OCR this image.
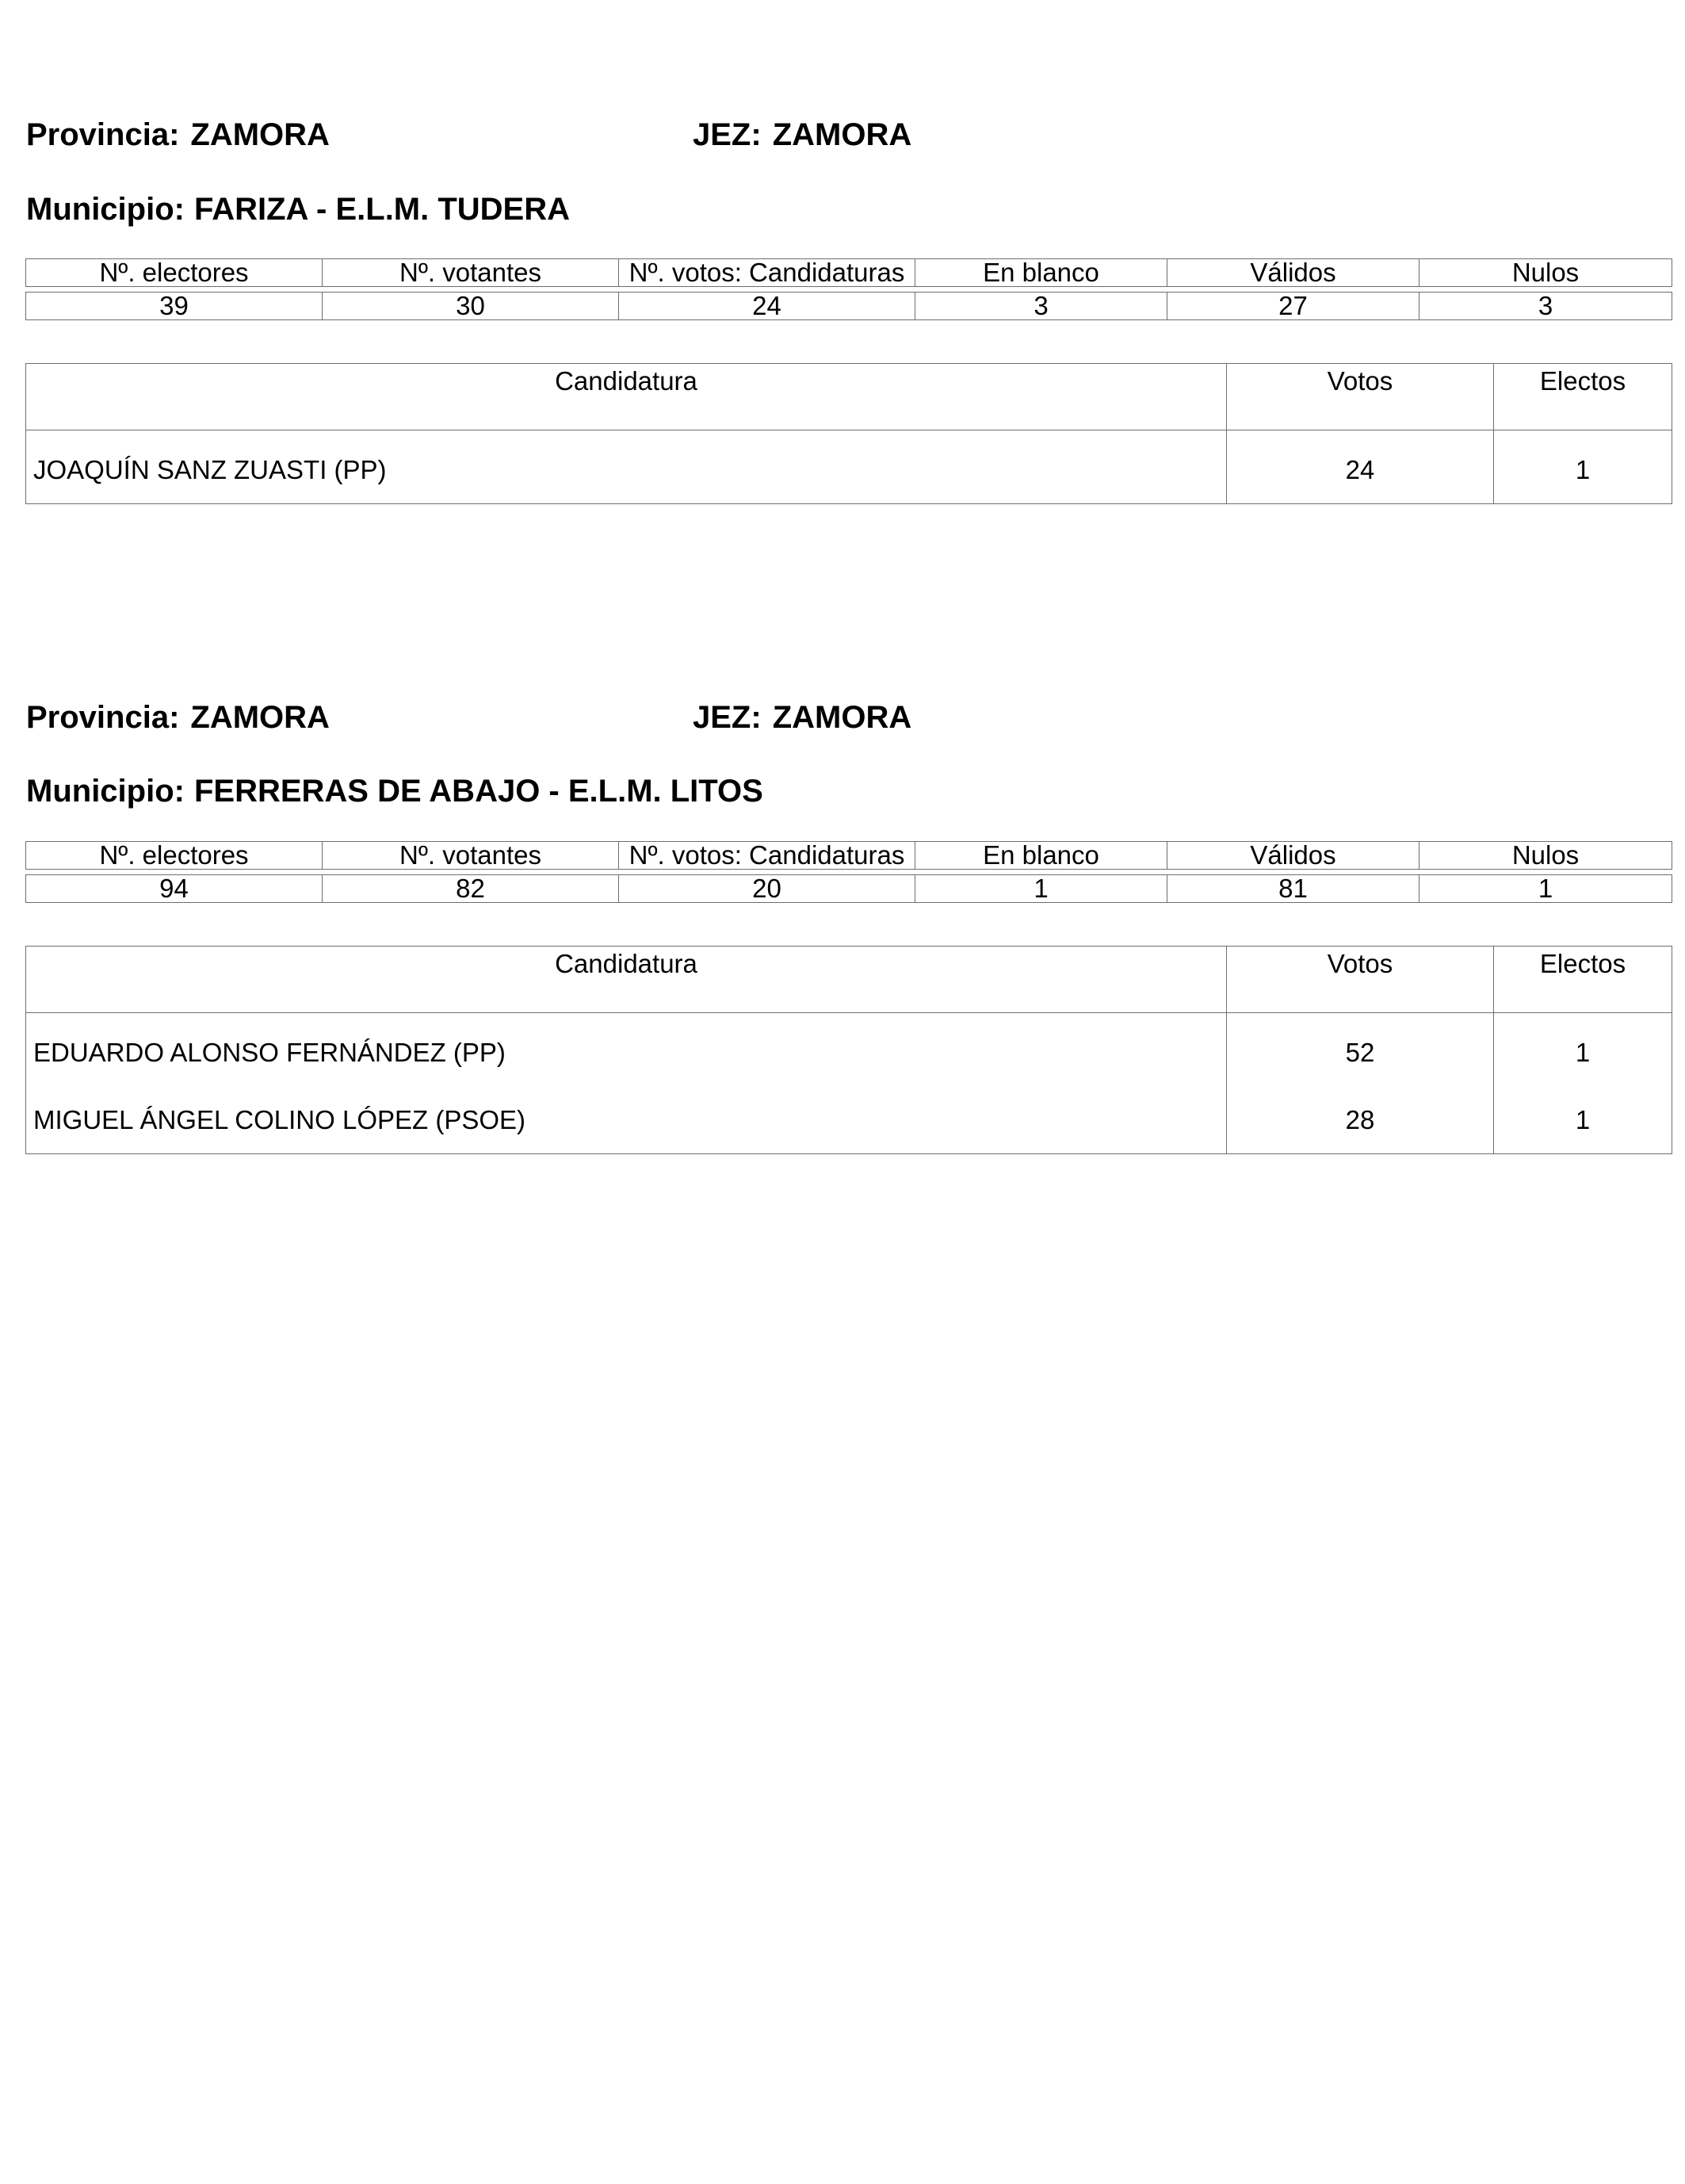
Provincia: ZAMORA	JEZ: ZAMORA
Municipio: FARIZA - E.L.M. TUDERA
Nº. electores	Nº. votantes	Nº. votos: Candidaturas	En blanco	Válidos	Nulos

39	30	24	3	27	3
Candidatura	Votos	Electos
JOAQUÍN SANZ ZUASTI (PP)	24	1
Provincia: ZAMORA	JEZ: ZAMORA
Municipio: FERRERAS DE ABAJO - E.L.M. LITOS
Nº. electores	Nº. votantes	Nº. votos: Candidaturas	En blanco	Válidos	Nulos

94	82	20	1	81	1
Candidatura	Votos	Electos
EDUARDO ALONSO FERNÁNDEZ (PP)	52	1
MIGUEL ÁNGEL COLINO LÓPEZ (PSOE)	28	1
